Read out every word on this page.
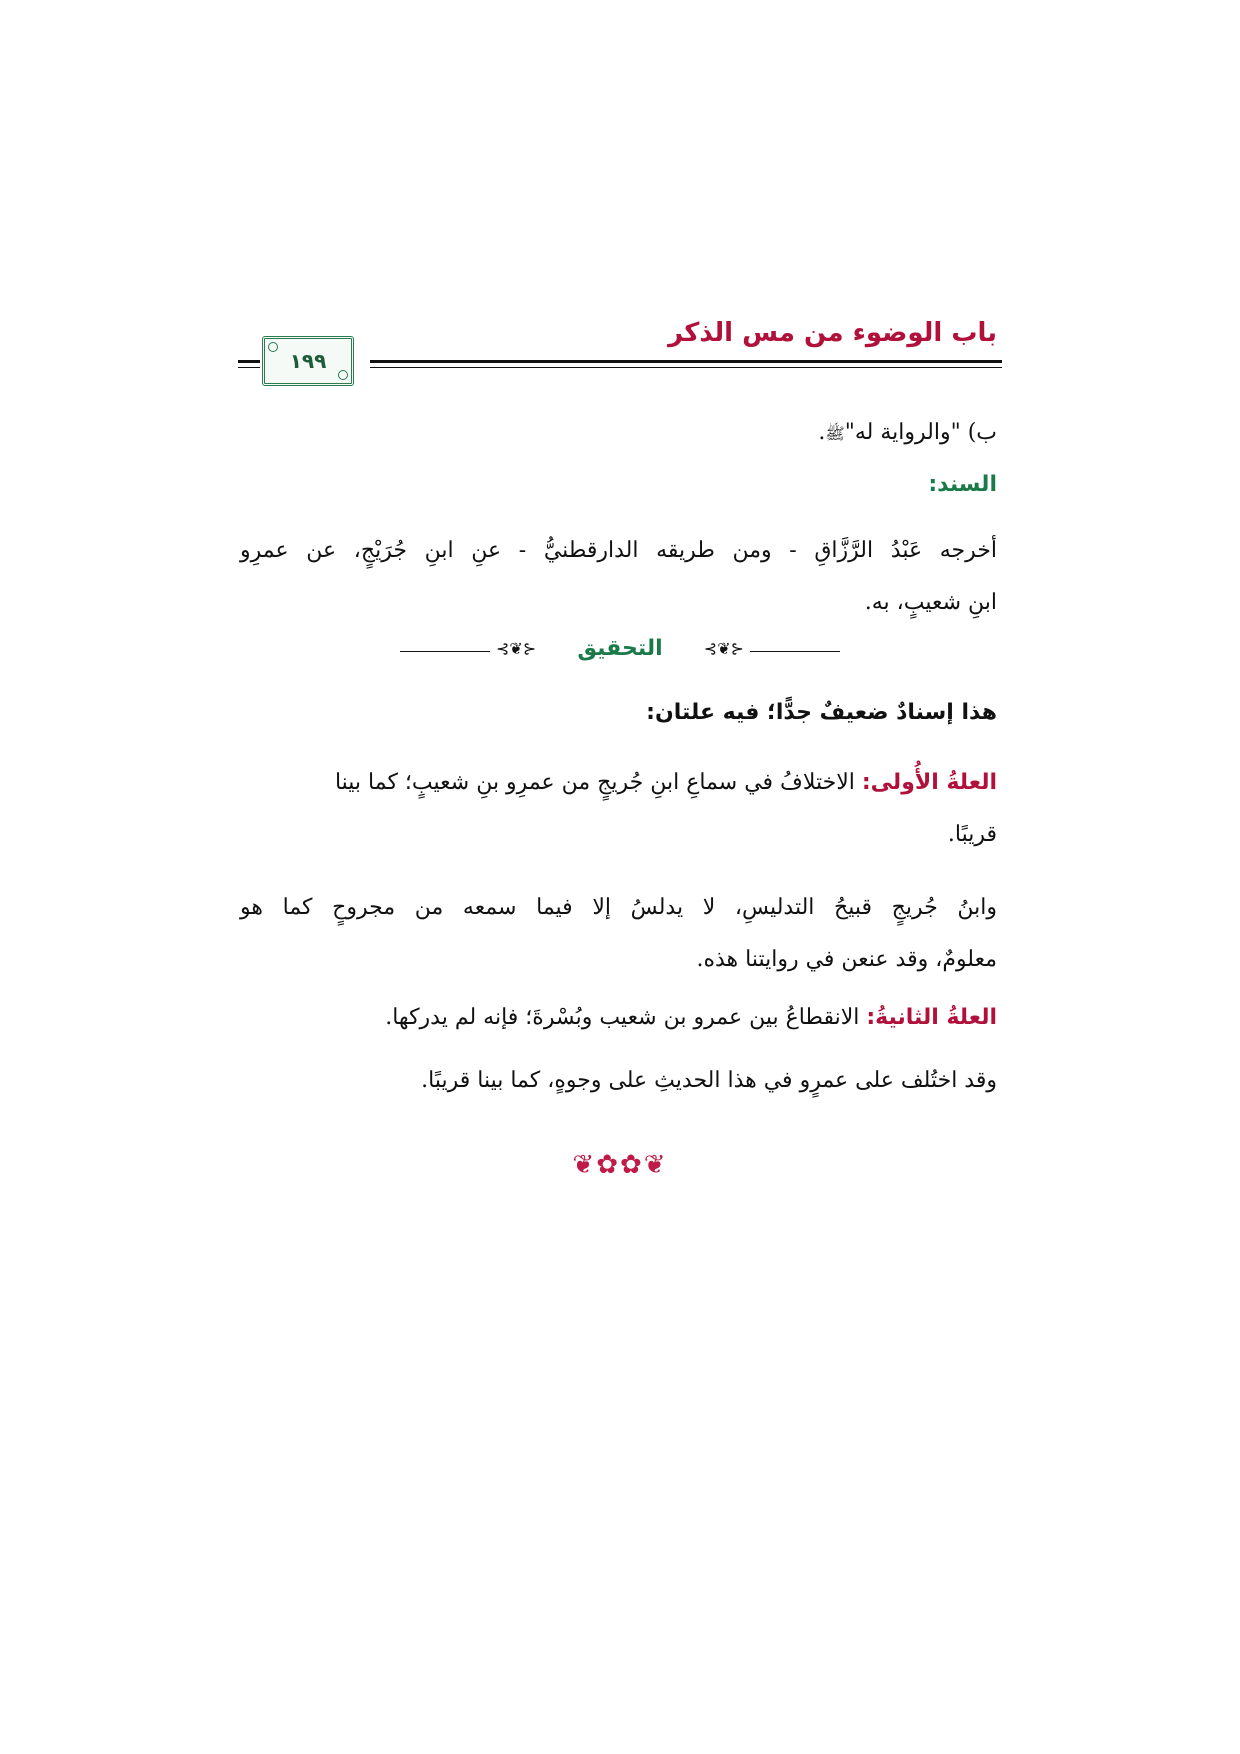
باب الوضوء من مس الذكر
١٩٩
ب) "والرواية له"ﷺ.
السند:
أخرجه عَبْدُ الرَّزَّاقِ - ومن طريقه الدارقطنيُّ - عنِ ابنِ جُرَيْجٍ، عن عمرِو
ابنِ شعيبٍ، به.
⊰❦⊱
التحقيق
⊰❦⊱
هذا إسنادٌ ضعيفٌ جدًّا؛ فيه علتان:
العلةُ الأُولى: الاختلافُ في سماعِ ابنِ جُريجٍ من عمرِو بنِ شعيبٍ؛ كما بينا
قريبًا.
وابنُ جُريجٍ قبيحُ التدليسِ، لا يدلسُ إلا فيما سمعه من مجروحٍ كما هو
معلومٌ، وقد عنعن في روايتنا هذه.
العلةُ الثانيةُ: الانقطاعُ بين عمرو بن شعيب وبُسْرةَ؛ فإنه لم يدركها.
وقد اختُلف على عمرٍو في هذا الحديثِ على وجوهٍ، كما بينا قريبًا.
❦✿✿❦
